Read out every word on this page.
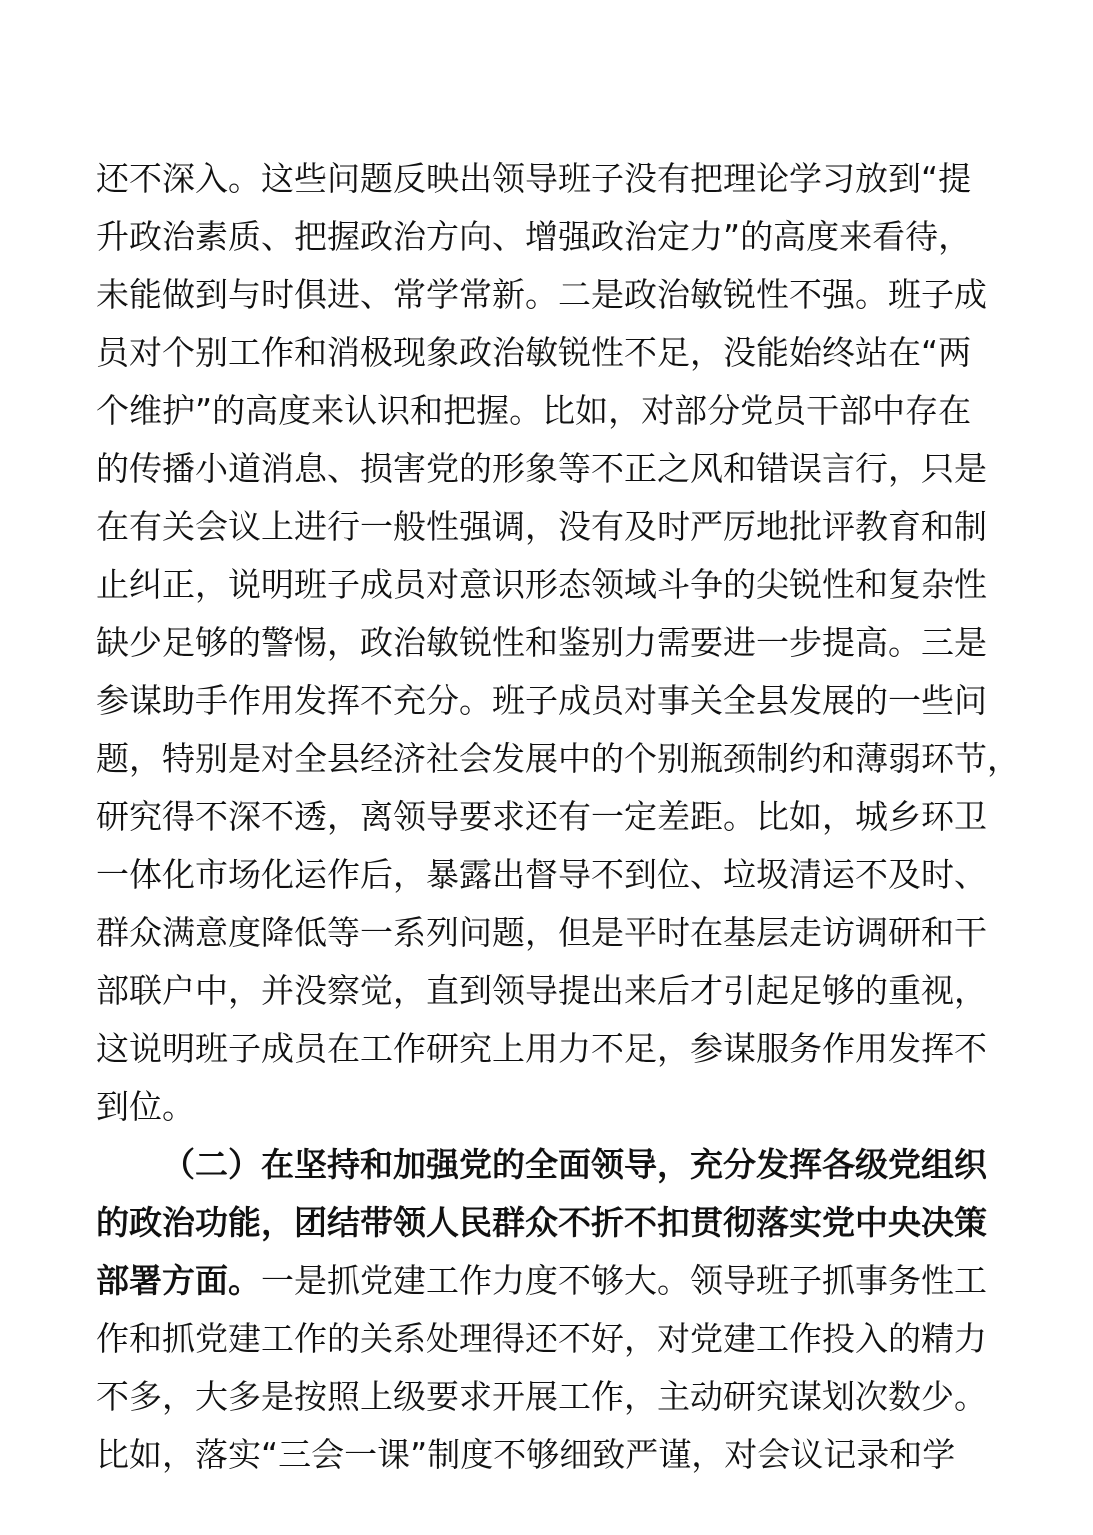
还不深入。这些问题反映出领导班子没有把理论学习放到“提
升政治素质、把握政治方向、增强政治定力”的高度来看待，
未能做到与时俱进、常学常新。二是政治敏锐性不强。班子成
员对个别工作和消极现象政治敏锐性不足，没能始终站在“两
个维护”的高度来认识和把握。比如，对部分党员干部中存在
的传播小道消息、损害党的形象等不正之风和错误言行，只是
在有关会议上进行一般性强调，没有及时严厉地批评教育和制
止纠正，说明班子成员对意识形态领域斗争的尖锐性和复杂性
缺少足够的警惕，政治敏锐性和鉴别力需要进一步提高。三是
参谋助手作用发挥不充分。班子成员对事关全县发展的一些问
题，特别是对全县经济社会发展中的个别瓶颈制约和薄弱环节，
研究得不深不透，离领导要求还有一定差距。比如，城乡环卫
一体化市场化运作后，暴露出督导不到位、垃圾清运不及时、
群众满意度降低等一系列问题，但是平时在基层走访调研和干
部联户中，并没察觉，直到领导提出来后才引起足够的重视，
这说明班子成员在工作研究上用力不足，参谋服务作用发挥不
到位。
（二）在坚持和加强党的全面领导，充分发挥各级党组织
的政治功能，团结带领人民群众不折不扣贯彻落实党中央决策
部署方面。一是抓党建工作力度不够大。领导班子抓事务性工
作和抓党建工作的关系处理得还不好，对党建工作投入的精力
不多，大多是按照上级要求开展工作，主动研究谋划次数少。
比如，落实“三会一课”制度不够细致严谨，对会议记录和学
